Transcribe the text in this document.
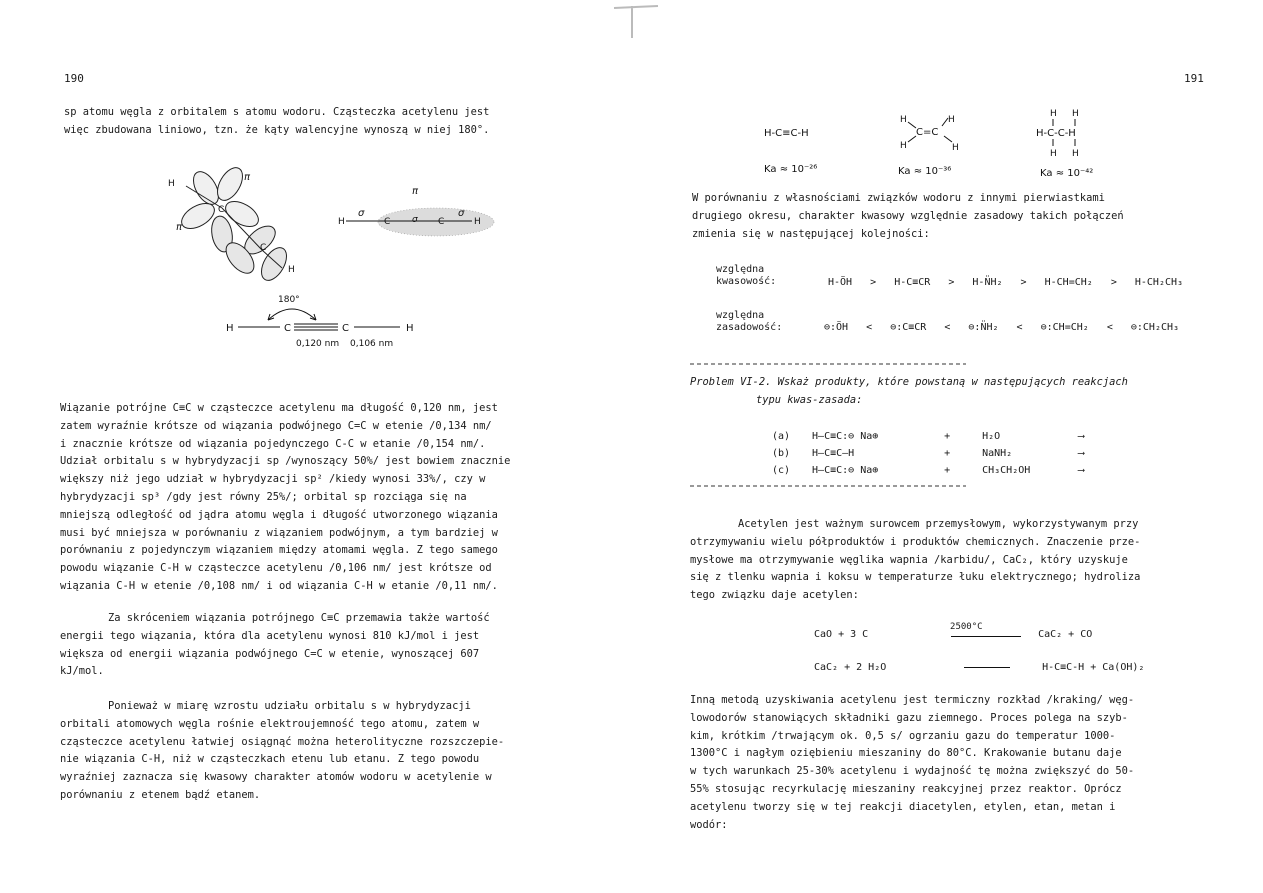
190

sp atomu węgla z orbitalem s atomu wodoru. Cząsteczka acetylenu jest

więc zbudowana liniowo, tzn. że kąty walencyjne wynoszą w niej 180°.

H
C
C
H
π
π	H	C	C	H
σ	σ
σ
π
180°
H	C	C	H
0,120 nm 0,106 nm

Wiązanie potrójne C≡C w cząsteczce acetylenu ma długość 0,120 nm, jest

zatem wyraźnie krótsze od wiązania podwójnego C=C w etenie /0,134 nm/

i znacznie krótsze od wiązania pojedynczego C-C w etanie /0,154 nm/.

Udział orbitalu s w hybrydyzacji sp /wynoszący 50%/ jest bowiem znacznie

większy niż jego udział w hybrydyzacji sp² /kiedy wynosi 33%/, czy w

hybrydyzacji sp³ /gdy jest równy 25%/; orbital sp rozciąga się na

mniejszą odległość od jądra atomu węgla i długość utworzonego wiązania

musi być mniejsza w porównaniu z wiązaniem podwójnym, a tym bardziej w

porównaniu z pojedynczym wiązaniem między atomami węgla. Z tego samego

powodu wiązanie C-H w cząsteczce acetylenu /0,106 nm/ jest krótsze od

wiązania C-H w etenie /0,108 nm/ i od wiązania C-H w etanie /0,11 nm/.

Za skróceniem wiązania potrójnego C≡C przemawia także wartość

energii tego wiązania, która dla acetylenu wynosi 810 kJ/mol i jest

większa od energii wiązania podwójnego C=C w etenie, wynoszącej 607

kJ/mol.

Ponieważ w miarę wzrostu udziału orbitalu s w hybrydyzacji

orbitali atomowych węgla rośnie elektroujemność tego atomu, zatem w

cząsteczce acetylenu łatwiej osiągnąć można heterolityczne rozszczepie-

nie wiązania C-H, niż w cząsteczkach etenu lub etanu. Z tego powodu

wyraźniej zaznacza się kwasowy charakter atomów wodoru w acetylenie w

porównaniu z etenem bądź etanem.

191
H-C≡C-H
Ka ≈ 10⁻²⁶
H	H
H	H
C=C
Ka ≈ 10⁻³⁶
H H
H-C-C-H
H H
Ka ≈ 10⁻⁴²

W porównaniu z własnościami związków wodoru z innymi pierwiastkami

drugiego okresu, charakter kwasowy względnie zasadowy takich połączeń

zmienia się w następującej kolejności:

względna
kwasowość:	H-ÖH > H-C≡CR > H-N̈H₂ > H-CH=CH₂ > H-CH₂CH₃
względna
zasadowość:	⊖:ÖH < ⊖:C≡CR < ⊖:N̈H₂ < ⊖:CH=CH₂ < ⊖:CH₂CH₃

Problem VI-2. Wskaż produkty, które powstaną w następujących reakcjach

typu kwas-zasada:

(a) H—C≡C:⊖ Na⊕	+	H₂O	⟶
(b) H—C≡C—H	+	NaNH₂	⟶
(c) H—C≡C:⊖ Na⊕	+	CH₃CH₂OH	⟶

Acetylen jest ważnym surowcem przemysłowym, wykorzystywanym przy

otrzymywaniu wielu półproduktów i produktów chemicznych. Znaczenie prze-

mysłowe ma otrzymywanie węglika wapnia /karbidu/, CaC₂, który uzyskuje

się z tlenku wapnia i koksu w temperaturze łuku elektrycznego; hydroliza

tego związku daje acetylen:

CaO + 3 C
2500°C
CaC₂ + CO
CaC₂ + 2 H₂O	H-C≡C-H + Ca(OH)₂

Inną metodą uzyskiwania acetylenu jest termiczny rozkład /kraking/ węg-

lowodorów stanowiących składniki gazu ziemnego. Proces polega na szyb-

kim, krótkim /trwającym ok. 0,5 s/ ogrzaniu gazu do temperatur 1000-

1300°C i nagłym oziębieniu mieszaniny do 80°C. Krakowanie butanu daje

w tych warunkach 25-30% acetylenu i wydajność tę można zwiększyć do 50-

55% stosując recyrkulację mieszaniny reakcyjnej przez reaktor. Oprócz

acetylenu tworzy się w tej reakcji diacetylen, etylen, etan, metan i

wodór:
